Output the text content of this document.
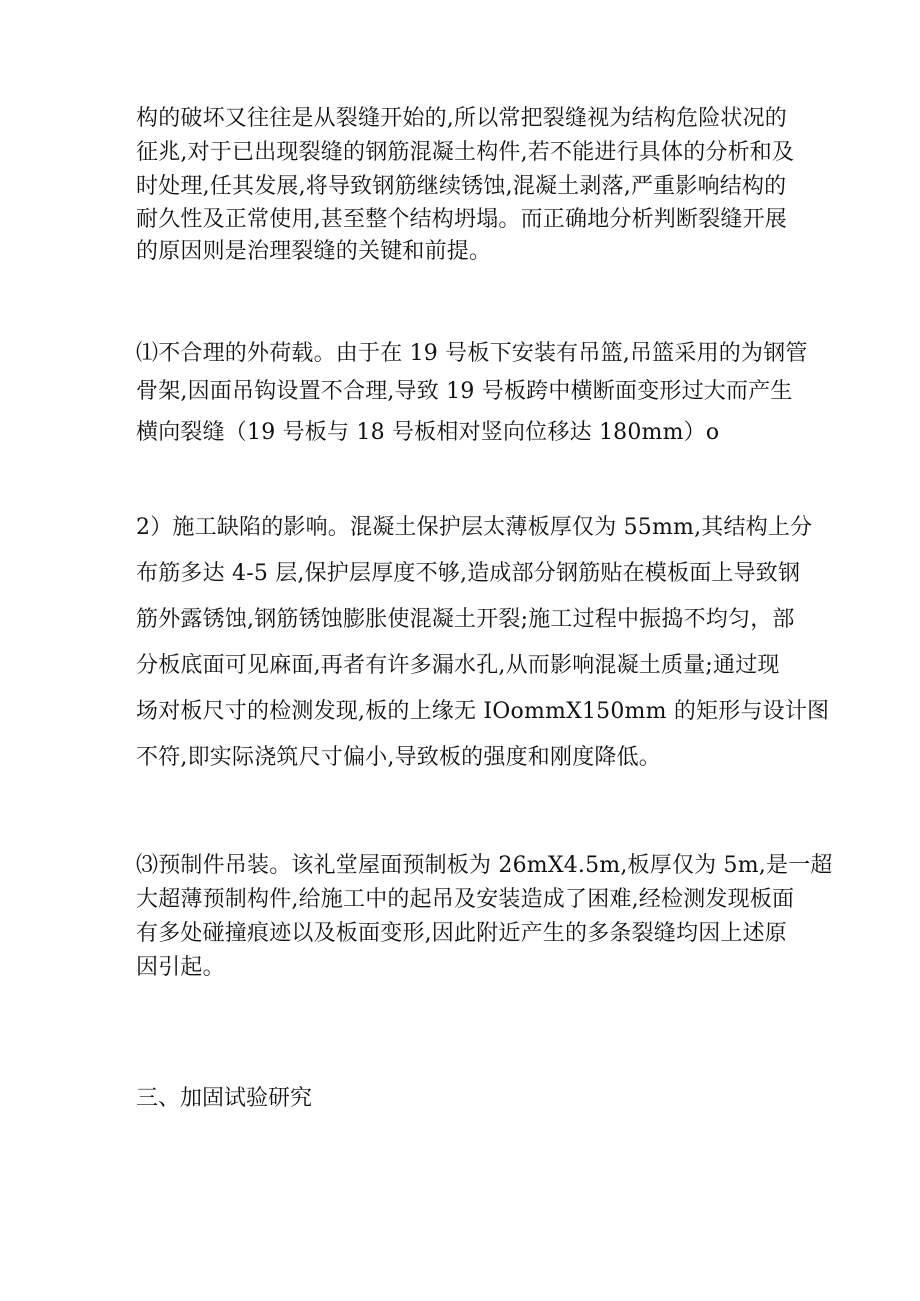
构的破坏又往往是从裂缝开始的,所以常把裂缝视为结构危险状况的
征兆,对于已出现裂缝的钢筋混凝土构件,若不能进行具体的分析和及
时处理,任其发展,将导致钢筋继续锈蚀,混凝土剥落,严重影响结构的
耐久性及正常使用,甚至整个结构坍塌。而正确地分析判断裂缝开展
的原因则是治理裂缝的关键和前提。
⑴不合理的外荷载。由于在 19 号板下安装有吊篮,吊篮采用的为钢管
骨架,因面吊钩设置不合理,导致 19 号板跨中横断面变形过大而产生
横向裂缝（19 号板与 18 号板相对竖向位移达 180mm）o
2）施工缺陷的影响。混凝土保护层太薄板厚仅为 55mm,其结构上分
布筋多达 4-5 层,保护层厚度不够,造成部分钢筋贴在模板面上导致钢
筋外露锈蚀,钢筋锈蚀膨胀使混凝土开裂;施工过程中振捣不均匀，部
分板底面可见麻面,再者有许多漏水孔,从而影响混凝土质量;通过现
场对板尺寸的检测发现,板的上缘无 IOommX150mm 的矩形与设计图
不符,即实际浇筑尺寸偏小,导致板的强度和刚度降低。
⑶预制件吊装。该礼堂屋面预制板为 26mX4.5m,板厚仅为 5m,是一超
大超薄预制构件,给施工中的起吊及安装造成了困难,经检测发现板面
有多处碰撞痕迹以及板面变形,因此附近产生的多条裂缝均因上述原
因引起。
三、加固试验研究
